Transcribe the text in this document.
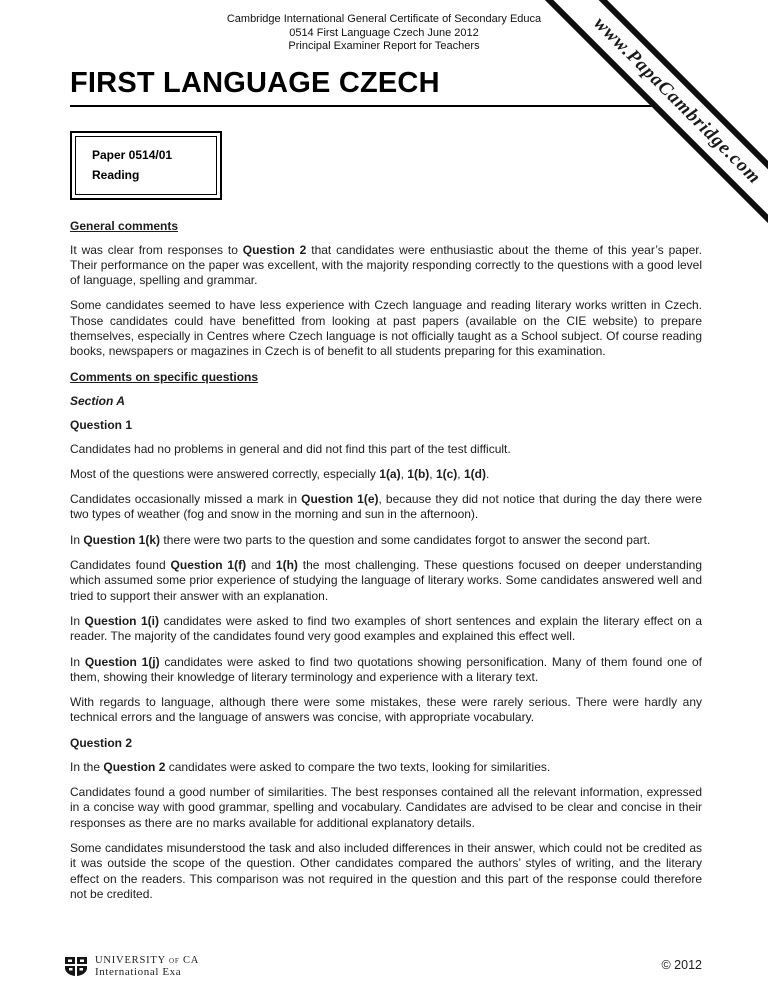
Cambridge International General Certificate of Secondary Educa
0514 First Language Czech June 2012
Principal Examiner Report for Teachers
FIRST LANGUAGE CZECH
Paper 0514/01
Reading

General comments

It was clear from responses to Question 2 that candidates were enthusiastic about the theme of this year’s paper. Their performance on the paper was excellent, with the majority responding correctly to the questions with a good level of language, spelling and grammar.

Some candidates seemed to have less experience with Czech language and reading literary works written in Czech. Those candidates could have benefitted from looking at past papers (available on the CIE website) to prepare themselves, especially in Centres where Czech language is not officially taught as a School subject. Of course reading books, newspapers or magazines in Czech is of benefit to all students preparing for this examination.

Comments on specific questions

Section A

Question 1

Candidates had no problems in general and did not find this part of the test difficult.

Most of the questions were answered correctly, especially 1(a), 1(b), 1(c), 1(d).

Candidates occasionally missed a mark in Question 1(e), because they did not notice that during the day there were two types of weather (fog and snow in the morning and sun in the afternoon).

In Question 1(k) there were two parts to the question and some candidates forgot to answer the second part.

Candidates found Question 1(f) and 1(h) the most challenging. These questions focused on deeper understanding which assumed some prior experience of studying the language of literary works. Some candidates answered well and tried to support their answer with an explanation.

In Question 1(i) candidates were asked to find two examples of short sentences and explain the literary effect on a reader. The majority of the candidates found very good examples and explained this effect well.

In Question 1(j) candidates were asked to find two quotations showing personification. Many of them found one of them, showing their knowledge of literary terminology and experience with a literary text.

With regards to language, although there were some mistakes, these were rarely serious. There were hardly any technical errors and the language of answers was concise, with appropriate vocabulary.

Question 2

In the Question 2 candidates were asked to compare the two texts, looking for similarities.

Candidates found a good number of similarities. The best responses contained all the relevant information, expressed in a concise way with good grammar, spelling and vocabulary. Candidates are advised to be clear and concise in their responses as there are no marks available for additional explanatory details.

Some candidates misunderstood the task and also included differences in their answer, which could not be credited as it was outside the scope of the question. Other candidates compared the authors’ styles of writing, and the literary effect on the readers. This comparison was not required in the question and this part of the response could therefore not be credited.

www.PapaCambridge.com
UNIVERSITY of CA
International Exa	© 2012
